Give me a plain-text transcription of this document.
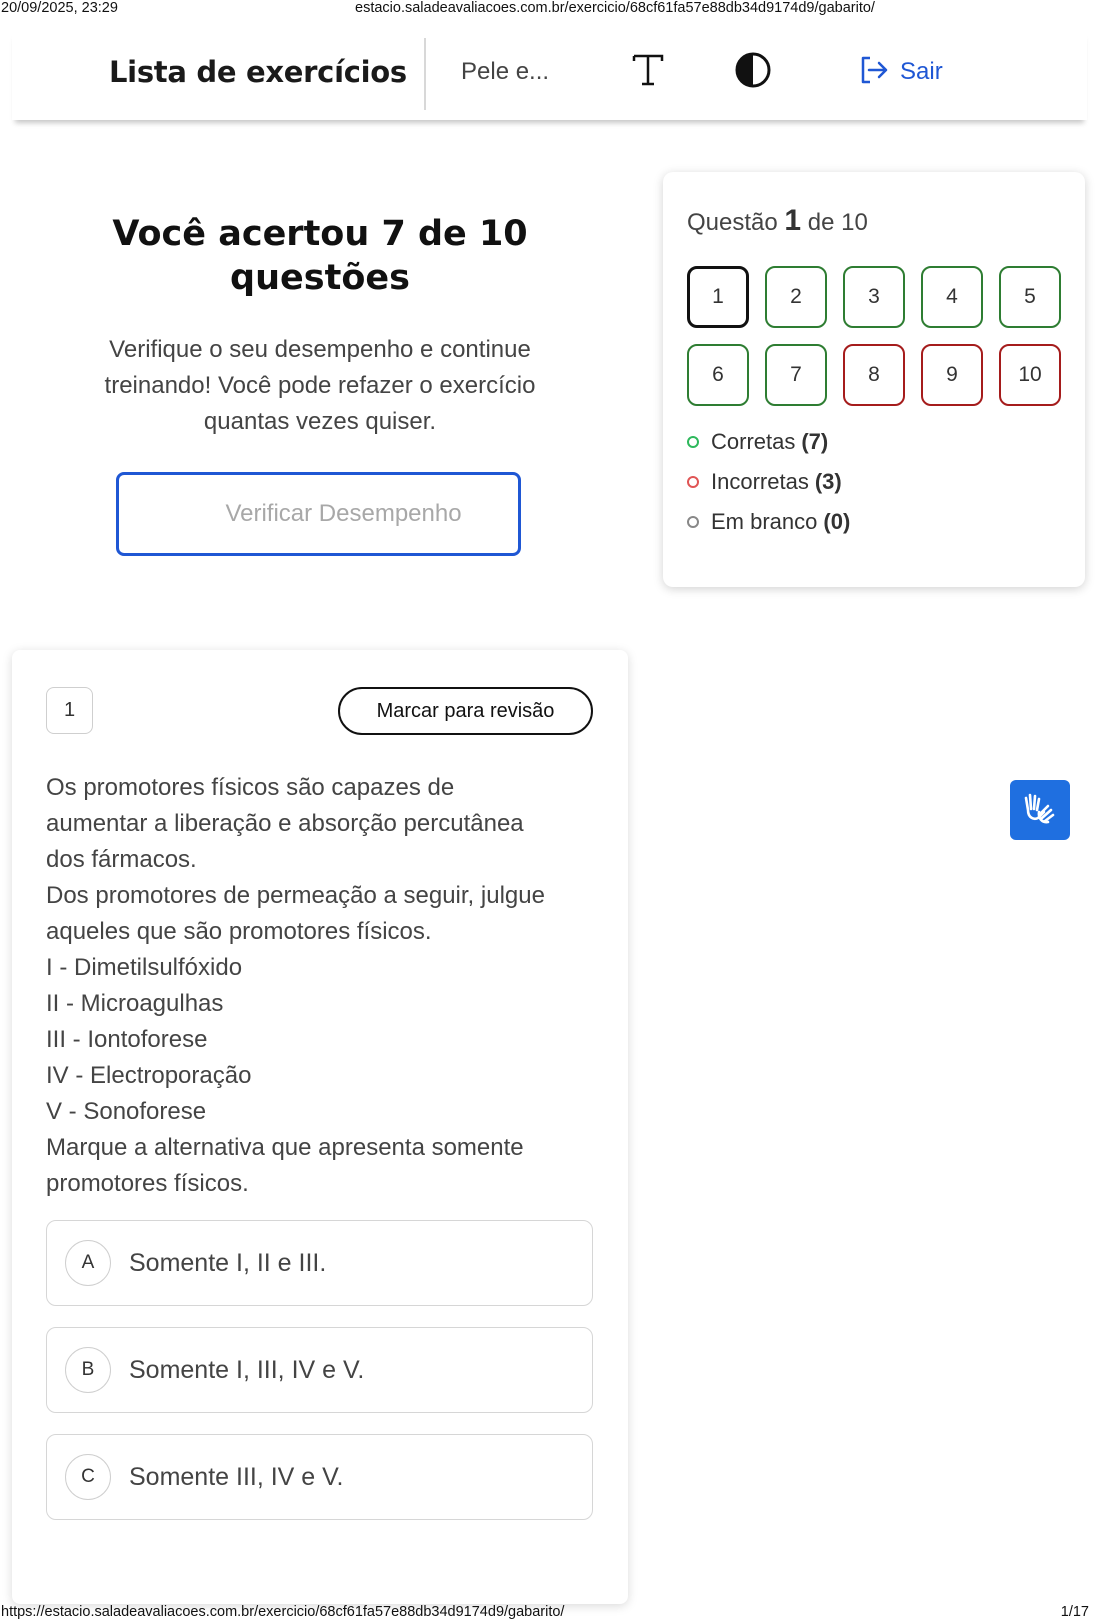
20/09/2025, 23:29	estacio.saladeavaliacoes.com.br/exercicio/68cf61fa57e88db34d9174d9/gabarito/
Lista de exercícios Pele e...	Sair
Você acertou 7 de 10
questões

Verifique o seu desempenho e continue treinando! Você pode refazer o exercício quantas vezes quiser.

Verificar Desempenho
Questão 1 de 10
1	2	3	4	5
6	7	8	9	10
Corretas (7)
Incorretas (3)
Em branco (0)
1	Marcar para revisão
Os promotores físicos são capazes de
aumentar a liberação e absorção percutânea
dos fármacos.
Dos promotores de permeação a seguir, julgue
aqueles que são promotores físicos.
I - Dimetilsulfóxido
II - Microagulhas
III - Iontoforese
IV - Electroporação
V - Sonoforese
Marque a alternativa que apresenta somente
promotores físicos.
A	Somente I, II e III.
B	Somente I, III, IV e V.
C	Somente III, IV e V.
https://estacio.saladeavaliacoes.com.br/exercicio/68cf61fa57e88db34d9174d9/gabarito/	1/17
